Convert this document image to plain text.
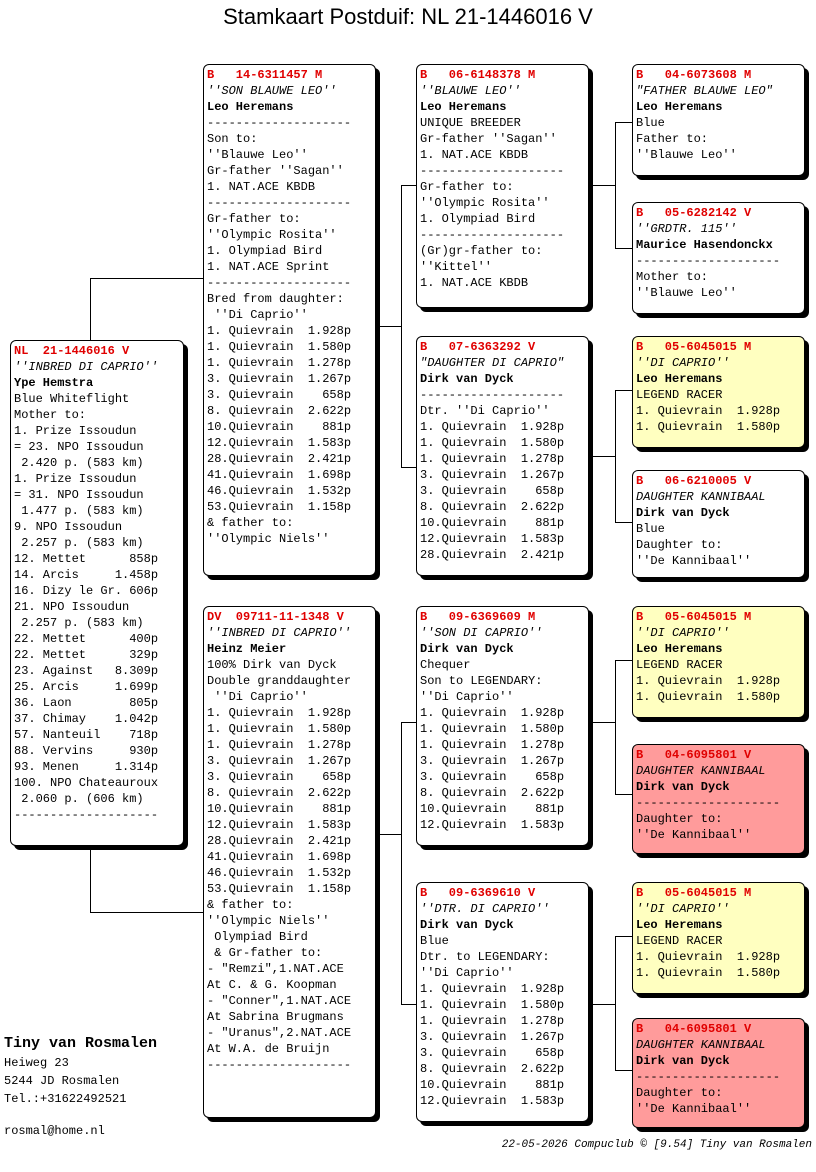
Stamkaart Postduif: NL 21-1446016 V
NL  21-1446016 V
''INBRED DI CAPRIO''
Ype Hemstra
Blue Whiteflight
Mother to:
1. Prize Issoudun
= 23. NPO Issoudun
2.420 p. (583 km)
1. Prize Issoudun
= 31. NPO Issoudun
1.477 p. (583 km)
9. NPO Issoudun
2.257 p. (583 km)
12. Mettet      858p
14. Arcis     1.458p
16. Dizy le Gr. 606p
21. NPO Issoudun
2.257 p. (583 km)
22. Mettet      400p
22. Mettet      329p
23. Against   8.309p
25. Arcis     1.699p
36. Laon        805p
37. Chimay    1.042p
57. Nanteuil    718p
88. Vervins     930p
93. Menen     1.314p
100. NPO Chateauroux
2.060 p. (606 km)
--------------------
B   14-6311457 M
''SON BLAUWE LEO''
Leo Heremans
--------------------
Son to:
''Blauwe Leo''
Gr-father ''Sagan''
1. NAT.ACE KBDB
--------------------
Gr-father to:
''Olympic Rosita''
1. Olympiad Bird
1. NAT.ACE Sprint
--------------------
Bred from daughter:
''Di Caprio''
1. Quievrain  1.928p
1. Quievrain  1.580p
1. Quievrain  1.278p
3. Quievrain  1.267p
3. Quievrain    658p
8. Quievrain  2.622p
10.Quievrain    881p
12.Quievrain  1.583p
28.Quievrain  2.421p
41.Quievrain  1.698p
46.Quievrain  1.532p
53.Quievrain  1.158p
& father to:
''Olympic Niels''
DV  09711-11-1348 V
''INBRED DI CAPRIO''
Heinz Meier
100% Dirk van Dyck
Double granddaughter
''Di Caprio''
1. Quievrain  1.928p
1. Quievrain  1.580p
1. Quievrain  1.278p
3. Quievrain  1.267p
3. Quievrain    658p
8. Quievrain  2.622p
10.Quievrain    881p
12.Quievrain  1.583p
28.Quievrain  2.421p
41.Quievrain  1.698p
46.Quievrain  1.532p
53.Quievrain  1.158p
& father to:
''Olympic Niels''
Olympiad Bird
& Gr-father to:
- "Remzi",1.NAT.ACE
At C. & G. Koopman
- "Conner",1.NAT.ACE
At Sabrina Brugmans
- "Uranus",2.NAT.ACE
At W.A. de Bruijn
--------------------
B   06-6148378 M
''BLAUWE LEO''
Leo Heremans
UNIQUE BREEDER
Gr-father ''Sagan''
1. NAT.ACE KBDB
--------------------
Gr-father to:
''Olympic Rosita''
1. Olympiad Bird
--------------------
(Gr)gr-father to:
''Kittel''
1. NAT.ACE KBDB
B   07-6363292 V
"DAUGHTER DI CAPRIO"
Dirk van Dyck
--------------------
Dtr. ''Di Caprio''
1. Quievrain  1.928p
1. Quievrain  1.580p
1. Quievrain  1.278p
3. Quievrain  1.267p
3. Quievrain    658p
8. Quievrain  2.622p
10.Quievrain    881p
12.Quievrain  1.583p
28.Quievrain  2.421p
B   09-6369609 M
''SON DI CAPRIO''
Dirk van Dyck
Chequer
Son to LEGENDARY:
''Di Caprio''
1. Quievrain  1.928p
1. Quievrain  1.580p
1. Quievrain  1.278p
3. Quievrain  1.267p
3. Quievrain    658p
8. Quievrain  2.622p
10.Quievrain    881p
12.Quievrain  1.583p
B   09-6369610 V
''DTR. DI CAPRIO''
Dirk van Dyck
Blue
Dtr. to LEGENDARY:
''Di Caprio''
1. Quievrain  1.928p
1. Quievrain  1.580p
1. Quievrain  1.278p
3. Quievrain  1.267p
3. Quievrain    658p
8. Quievrain  2.622p
10.Quievrain    881p
12.Quievrain  1.583p
B   04-6073608 M
"FATHER BLAUWE LEO"
Leo Heremans
Blue
Father to:
''Blauwe Leo''
B   05-6282142 V
''GRDTR. 115''
Maurice Hasendonckx
--------------------
Mother to:
''Blauwe Leo''
B   05-6045015 M
''DI CAPRIO''
Leo Heremans
LEGEND RACER
1. Quievrain  1.928p
1. Quievrain  1.580p
B   06-6210005 V
DAUGHTER KANNIBAAL
Dirk van Dyck
Blue
Daughter to:
''De Kannibaal''
B   05-6045015 M
''DI CAPRIO''
Leo Heremans
LEGEND RACER
1. Quievrain  1.928p
1. Quievrain  1.580p
B   04-6095801 V
DAUGHTER KANNIBAAL
Dirk van Dyck
--------------------
Daughter to:
''De Kannibaal''
B   05-6045015 M
''DI CAPRIO''
Leo Heremans
LEGEND RACER
1. Quievrain  1.928p
1. Quievrain  1.580p
B   04-6095801 V
DAUGHTER KANNIBAAL
Dirk van Dyck
--------------------
Daughter to:
''De Kannibaal''
Tiny van Rosmalen
Heiweg 23
5244 JD Rosmalen
Tel.:+31622492521
rosmal@home.nl
22-05-2026 Compuclub © [9.54] Tiny van Rosmalen
